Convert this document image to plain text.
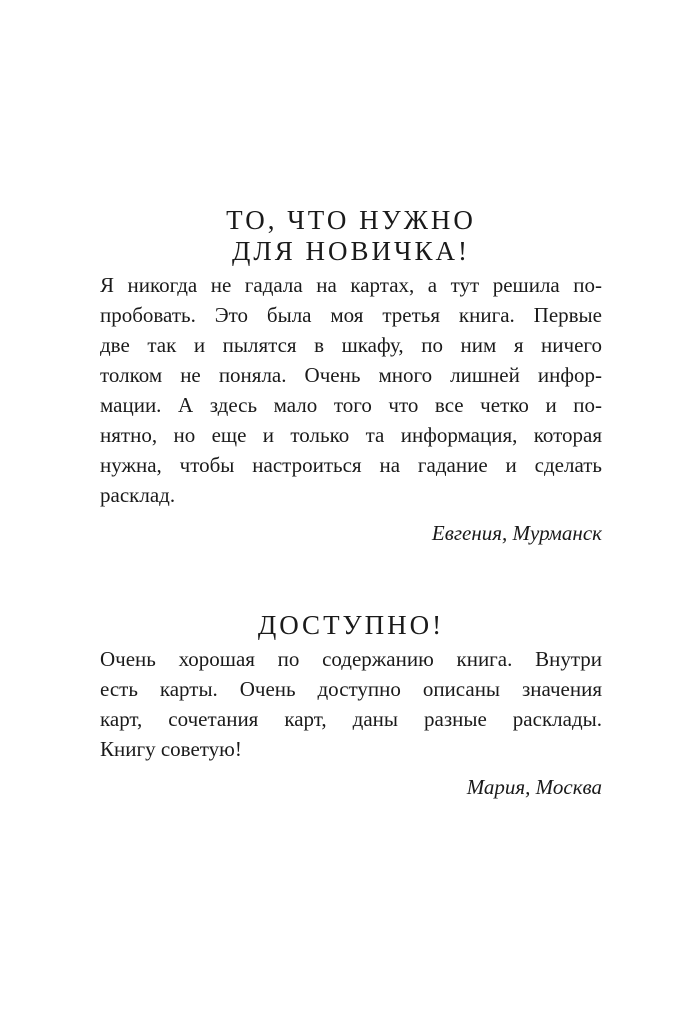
ТО, ЧТО НУЖНО
ДЛЯ НОВИЧКА!

Я никогда не гадала на картах, а тут решила по-
пробовать. Это была моя третья книга. Первые
две так и пылятся в шкафу, по ним я ничего
толком не поняла. Очень много лишней инфор-
мации. А здесь мало того что все четко и по-
нятно, но еще и только та информация, которая
нужна, чтобы настроиться на гадание и сделать
расклад.

Евгения, Мурманск
ДОСТУПНО!

Очень хорошая по содержанию книга. Внутри
есть карты. Очень доступно описаны значения
карт, сочетания карт, даны разные расклады.
Книгу советую!

Мария, Москва
